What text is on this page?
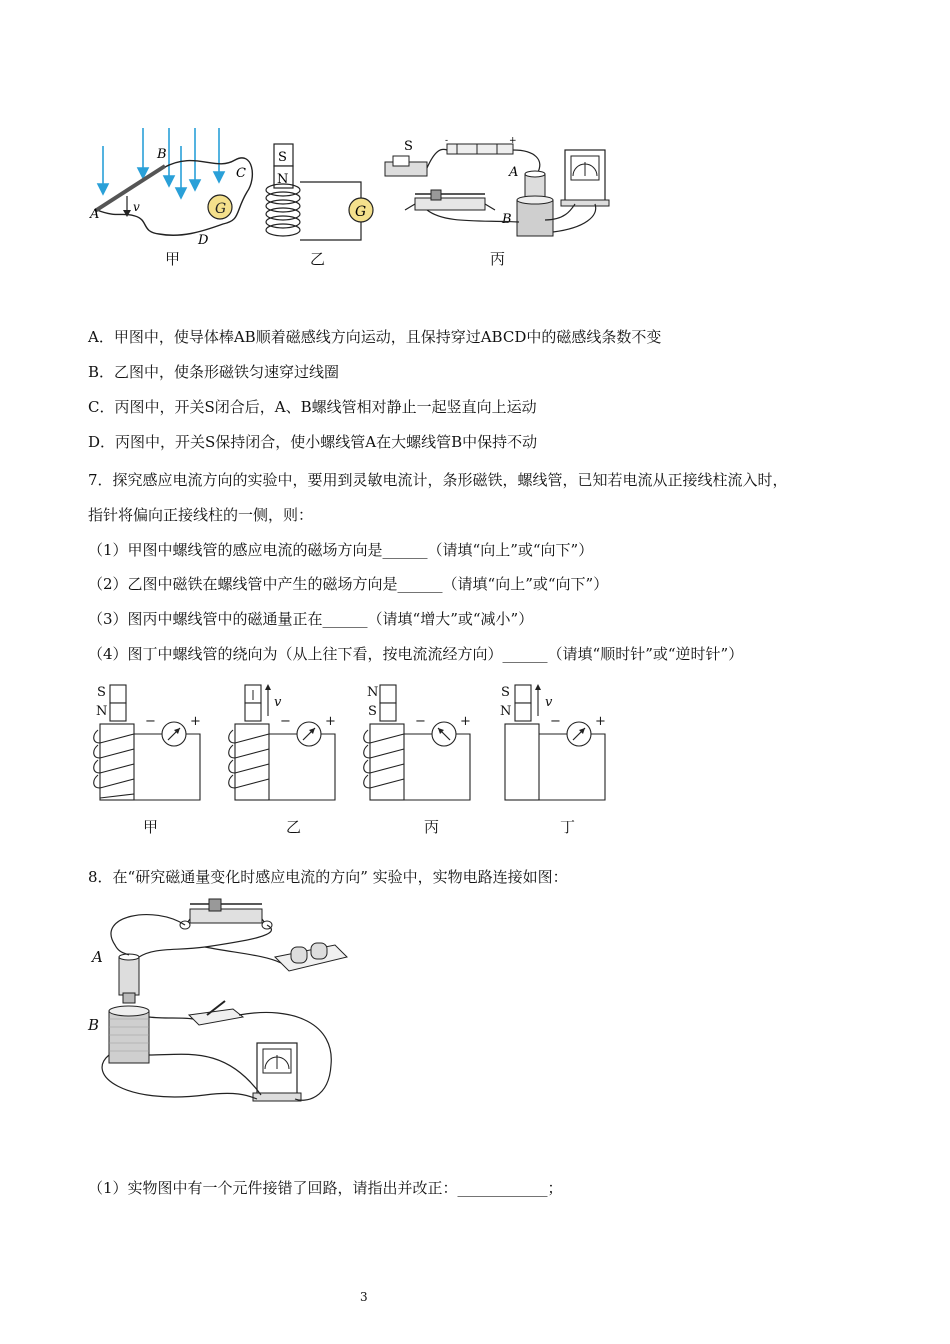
G
A
B
C
D
v
S
N
G
S	-	+
A
B
甲	乙	丙
A．甲图中，使导体棒AB顺着磁感线方向运动，且保持穿过ABCD中的磁感线条数不变
B．乙图中，使条形磁铁匀速穿过线圈
C．丙图中，开关S闭合后，A、B螺线管相对静止一起竖直向上运动
D．丙图中，开关S保持闭合，使小螺线管A在大螺线管B中保持不动
7．探究感应电流方向的实验中，要用到灵敏电流计，条形磁铁，螺线管，已知若电流从正接线柱流入时，
指针将偏向正接线柱的一侧，则：
（1）甲图中螺线管的感应电流的磁场方向是______（请填“向上”或“向下”）
（2）乙图中磁铁在螺线管中产生的磁场方向是______（请填“向上”或“向下”）
（3）图丙中螺线管中的磁通量正在______（请填“增大”或“减小”）
（4）图丁中螺线管的绕向为（从上往下看，按电流流经方向）______（请填“顺时针”或“逆时针”）
S
N
v
N
S
S
N
v
−	+	−	+	−	+	−	+
甲	乙	丙	丁
8．在“研究磁通量变化时感应电流的方向” 实验中，实物电路连接如图：
A
B
（1）实物图中有一个元件接错了回路，请指出并改正：____________；
3
